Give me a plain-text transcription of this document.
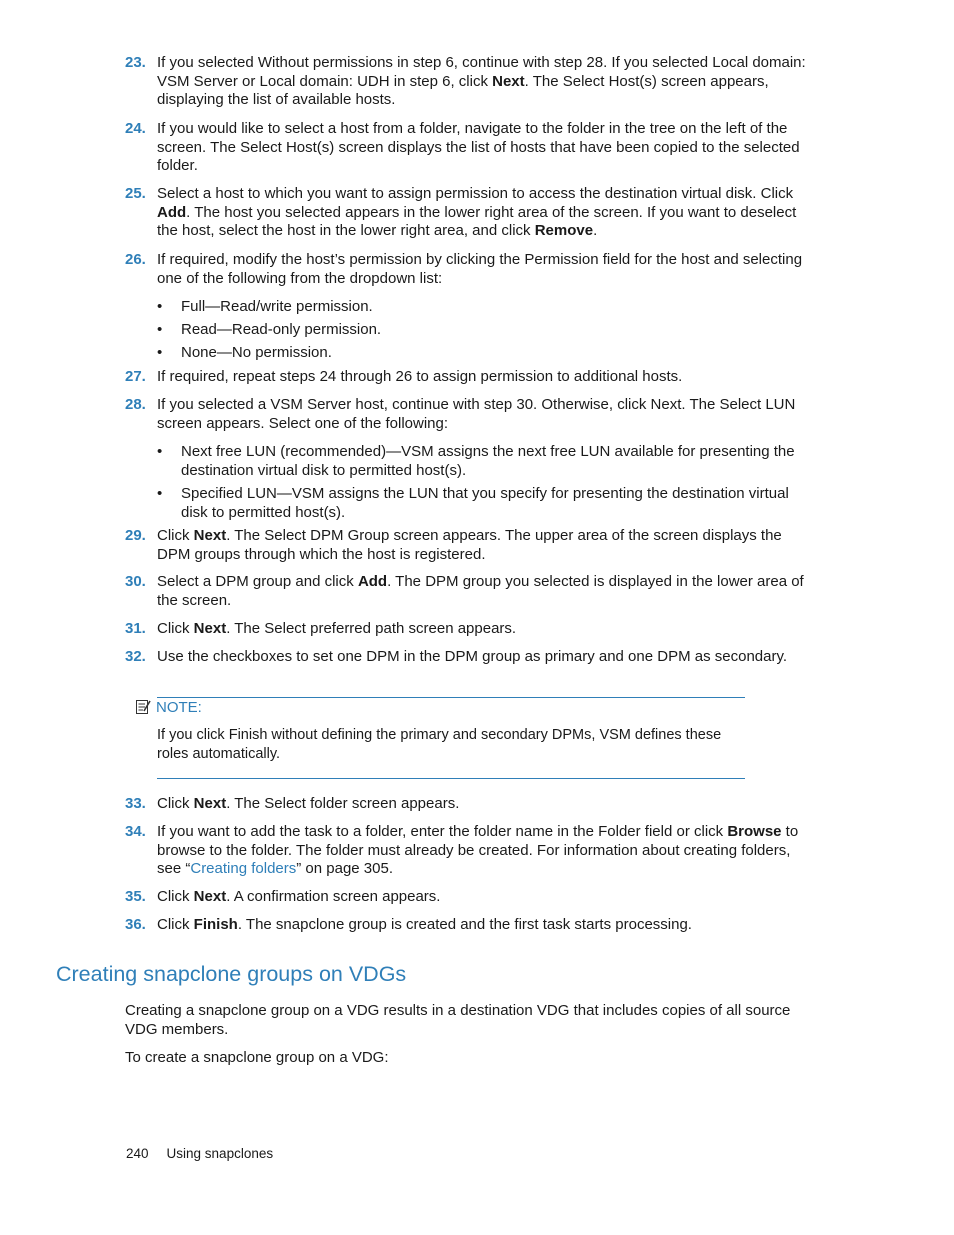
23. If you selected Without permissions in step 6, continue with step 28. If you selected Local domain: VSM Server or Local domain: UDH in step 6, click Next. The Select Host(s) screen appears, displaying the list of available hosts.
24. If you would like to select a host from a folder, navigate to the folder in the tree on the left of the screen. The Select Host(s) screen displays the list of hosts that have been copied to the selected folder.
25. Select a host to which you want to assign permission to access the destination virtual disk. Click Add. The host you selected appears in the lower right area of the screen. If you want to deselect the host, select the host in the lower right area, and click Remove.
26. If required, modify the host’s permission by clicking the Permission field for the host and selecting one of the following from the dropdown list:
• Full—Read/write permission.
• Read—Read-only permission.
• None—No permission.
27. If required, repeat steps 24 through 26 to assign permission to additional hosts.
28. If you selected a VSM Server host, continue with step 30. Otherwise, click Next. The Select LUN screen appears. Select one of the following:
• Next free LUN (recommended)—VSM assigns the next free LUN available for presenting the destination virtual disk to permitted host(s).
• Specified LUN—VSM assigns the LUN that you specify for presenting the destination virtual disk to permitted host(s).
29. Click Next. The Select DPM Group screen appears. The upper area of the screen displays the DPM groups through which the host is registered.
30. Select a DPM group and click Add. The DPM group you selected is displayed in the lower area of the screen.
31. Click Next. The Select preferred path screen appears.
32. Use the checkboxes to set one DPM in the DPM group as primary and one DPM as secondary.
NOTE:
If you click Finish without defining the primary and secondary DPMs, VSM defines these roles automatically.
33. Click Next. The Select folder screen appears.
34. If you want to add the task to a folder, enter the folder name in the Folder field or click Browse to browse to the folder. The folder must already be created. For information about creating folders, see “Creating folders” on page 305.
35. Click Next. A confirmation screen appears.
36. Click Finish. The snapclone group is created and the first task starts processing.
Creating snapclone groups on VDGs
Creating a snapclone group on a VDG results in a destination VDG that includes copies of all source VDG members.
To create a snapclone group on a VDG:
240 Using snapclones
